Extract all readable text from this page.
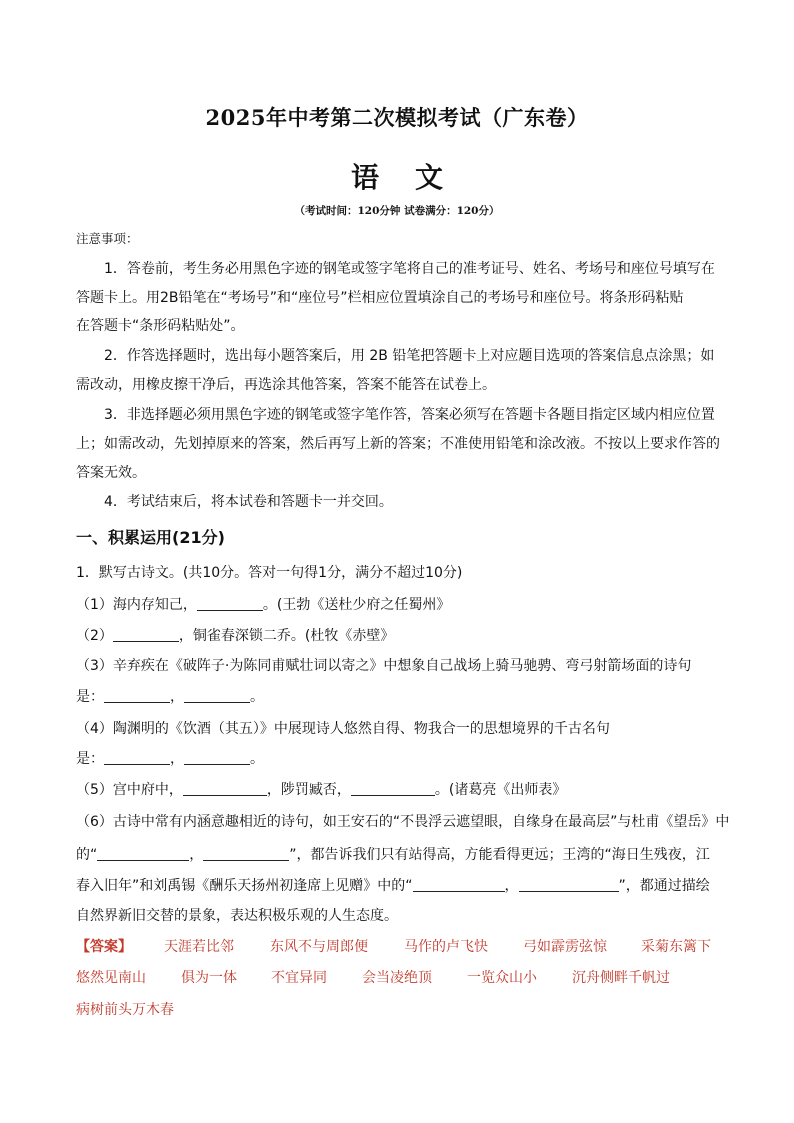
2025年中考第二次模拟考试（广东卷）
语 文
（考试时间：120分钟 试卷满分：120分）
注意事项：
1．答卷前，考生务必用黑色字迹的钢笔或签字笔将自己的准考证号、姓名、考场号和座位号填写在
答题卡上。用2B铅笔在“考场号”和“座位号”栏相应位置填涂自己的考场号和座位号。将条形码粘贴
在答题卡“条形码粘贴处”。
2．作答选择题时，选出每小题答案后，用 2B 铅笔把答题卡上对应题目选项的答案信息点涂黑；如
需改动，用橡皮擦干净后，再选涂其他答案，答案不能答在试卷上。
3．非选择题必须用黑色字迹的钢笔或签字笔作答，答案必须写在答题卡各题目指定区域内相应位置
上；如需改动，先划掉原来的答案，然后再写上新的答案；不准使用铅笔和涂改液。不按以上要求作答的
答案无效。
4．考试结束后，将本试卷和答题卡一并交回。
一、积累运用(21分)
1．默写古诗文。(共10分。答对一句得1分，满分不超过10分)
（1）海内存知己，	。(王勃《送杜少府之任蜀州》
（2）	，铜雀春深锁二乔。(杜牧《赤壁》
（3）辛弃疾在《破阵子·为陈同甫赋壮词以寄之》中想象自己战场上骑马驰骋、弯弓射箭场面的诗句
是：	，	。
（4）陶渊明的《饮酒（其五）》中展现诗人悠然自得、物我合一的思想境界的千古名句
是：	，	。
（5）宫中府中，	，陟罚臧否，	。(诸葛亮《出师表》
（6）古诗中常有内涵意趣相近的诗句，如王安石的“不畏浮云遮望眼，自缘身在最高层”与杜甫《望岳》中
的“	，	”，都告诉我们只有站得高，方能看得更远；王湾的“海日生残夜，江
春入旧年”和刘禹锡《酬乐天扬州初逢席上见赠》中的“	，	”，都通过描绘
自然界新旧交替的景象，表达积极乐观的人生态度。
【答案】 天涯若比邻	东风不与周郎便	马作的卢飞快	弓如霹雳弦惊 采菊东篱下
悠然见南山	俱为一体 不宜异同	会当凌绝顶	一览众山小	沉舟侧畔千帆过
病树前头万木春
